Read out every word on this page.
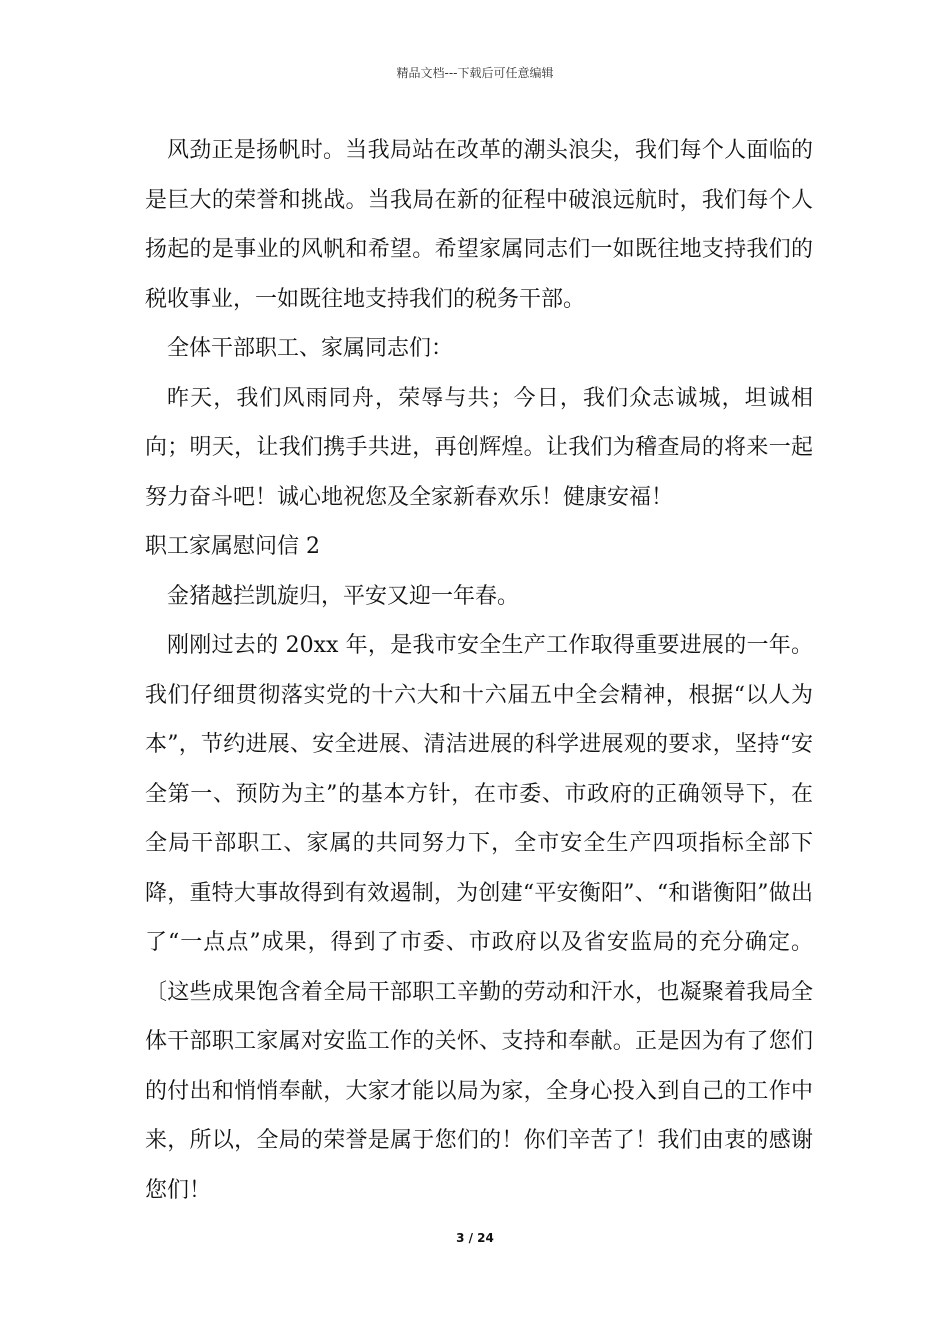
精品文档---下载后可任意编辑

风劲正是扬帆时。当我局站在改革的潮头浪尖，我们每个人面临的是巨大的荣誉和挑战。当我局在新的征程中破浪远航时，我们每个人扬起的是事业的风帆和希望。希望家属同志们一如既往地支持我们的税收事业，一如既往地支持我们的税务干部。

全体干部职工、家属同志们：

昨天，我们风雨同舟，荣辱与共；今日，我们众志诚城，坦诚相向；明天，让我们携手共进，再创辉煌。让我们为稽查局的将来一起努力奋斗吧！诚心地祝您及全家新春欢乐！健康安福！

职工家属慰问信 2

金猪越拦凯旋归，平安又迎一年春。

刚刚过去的 20xx 年，是我市安全生产工作取得重要进展的一年。我们仔细贯彻落实党的十六大和十六届五中全会精神，根据“以人为本”，节约进展、安全进展、清洁进展的科学进展观的要求，坚持“安全第一、预防为主”的基本方针，在市委、市政府的正确领导下，在全局干部职工、家属的共同努力下，全市安全生产四项指标全部下降，重特大事故得到有效遏制，为创建“平安衡阳”、“和谐衡阳”做出了“一点点”成果，得到了市委、市政府以及省安监局的充分确定。〔这些成果饱含着全局干部职工辛勤的劳动和汗水，也凝聚着我局全体干部职工家属对安监工作的关怀、支持和奉献。正是因为有了您们的付出和悄悄奉献，大家才能以局为家，全身心投入到自己的工作中来，所以，全局的荣誉是属于您们的！你们辛苦了！我们由衷的感谢您们！

3 / 24
